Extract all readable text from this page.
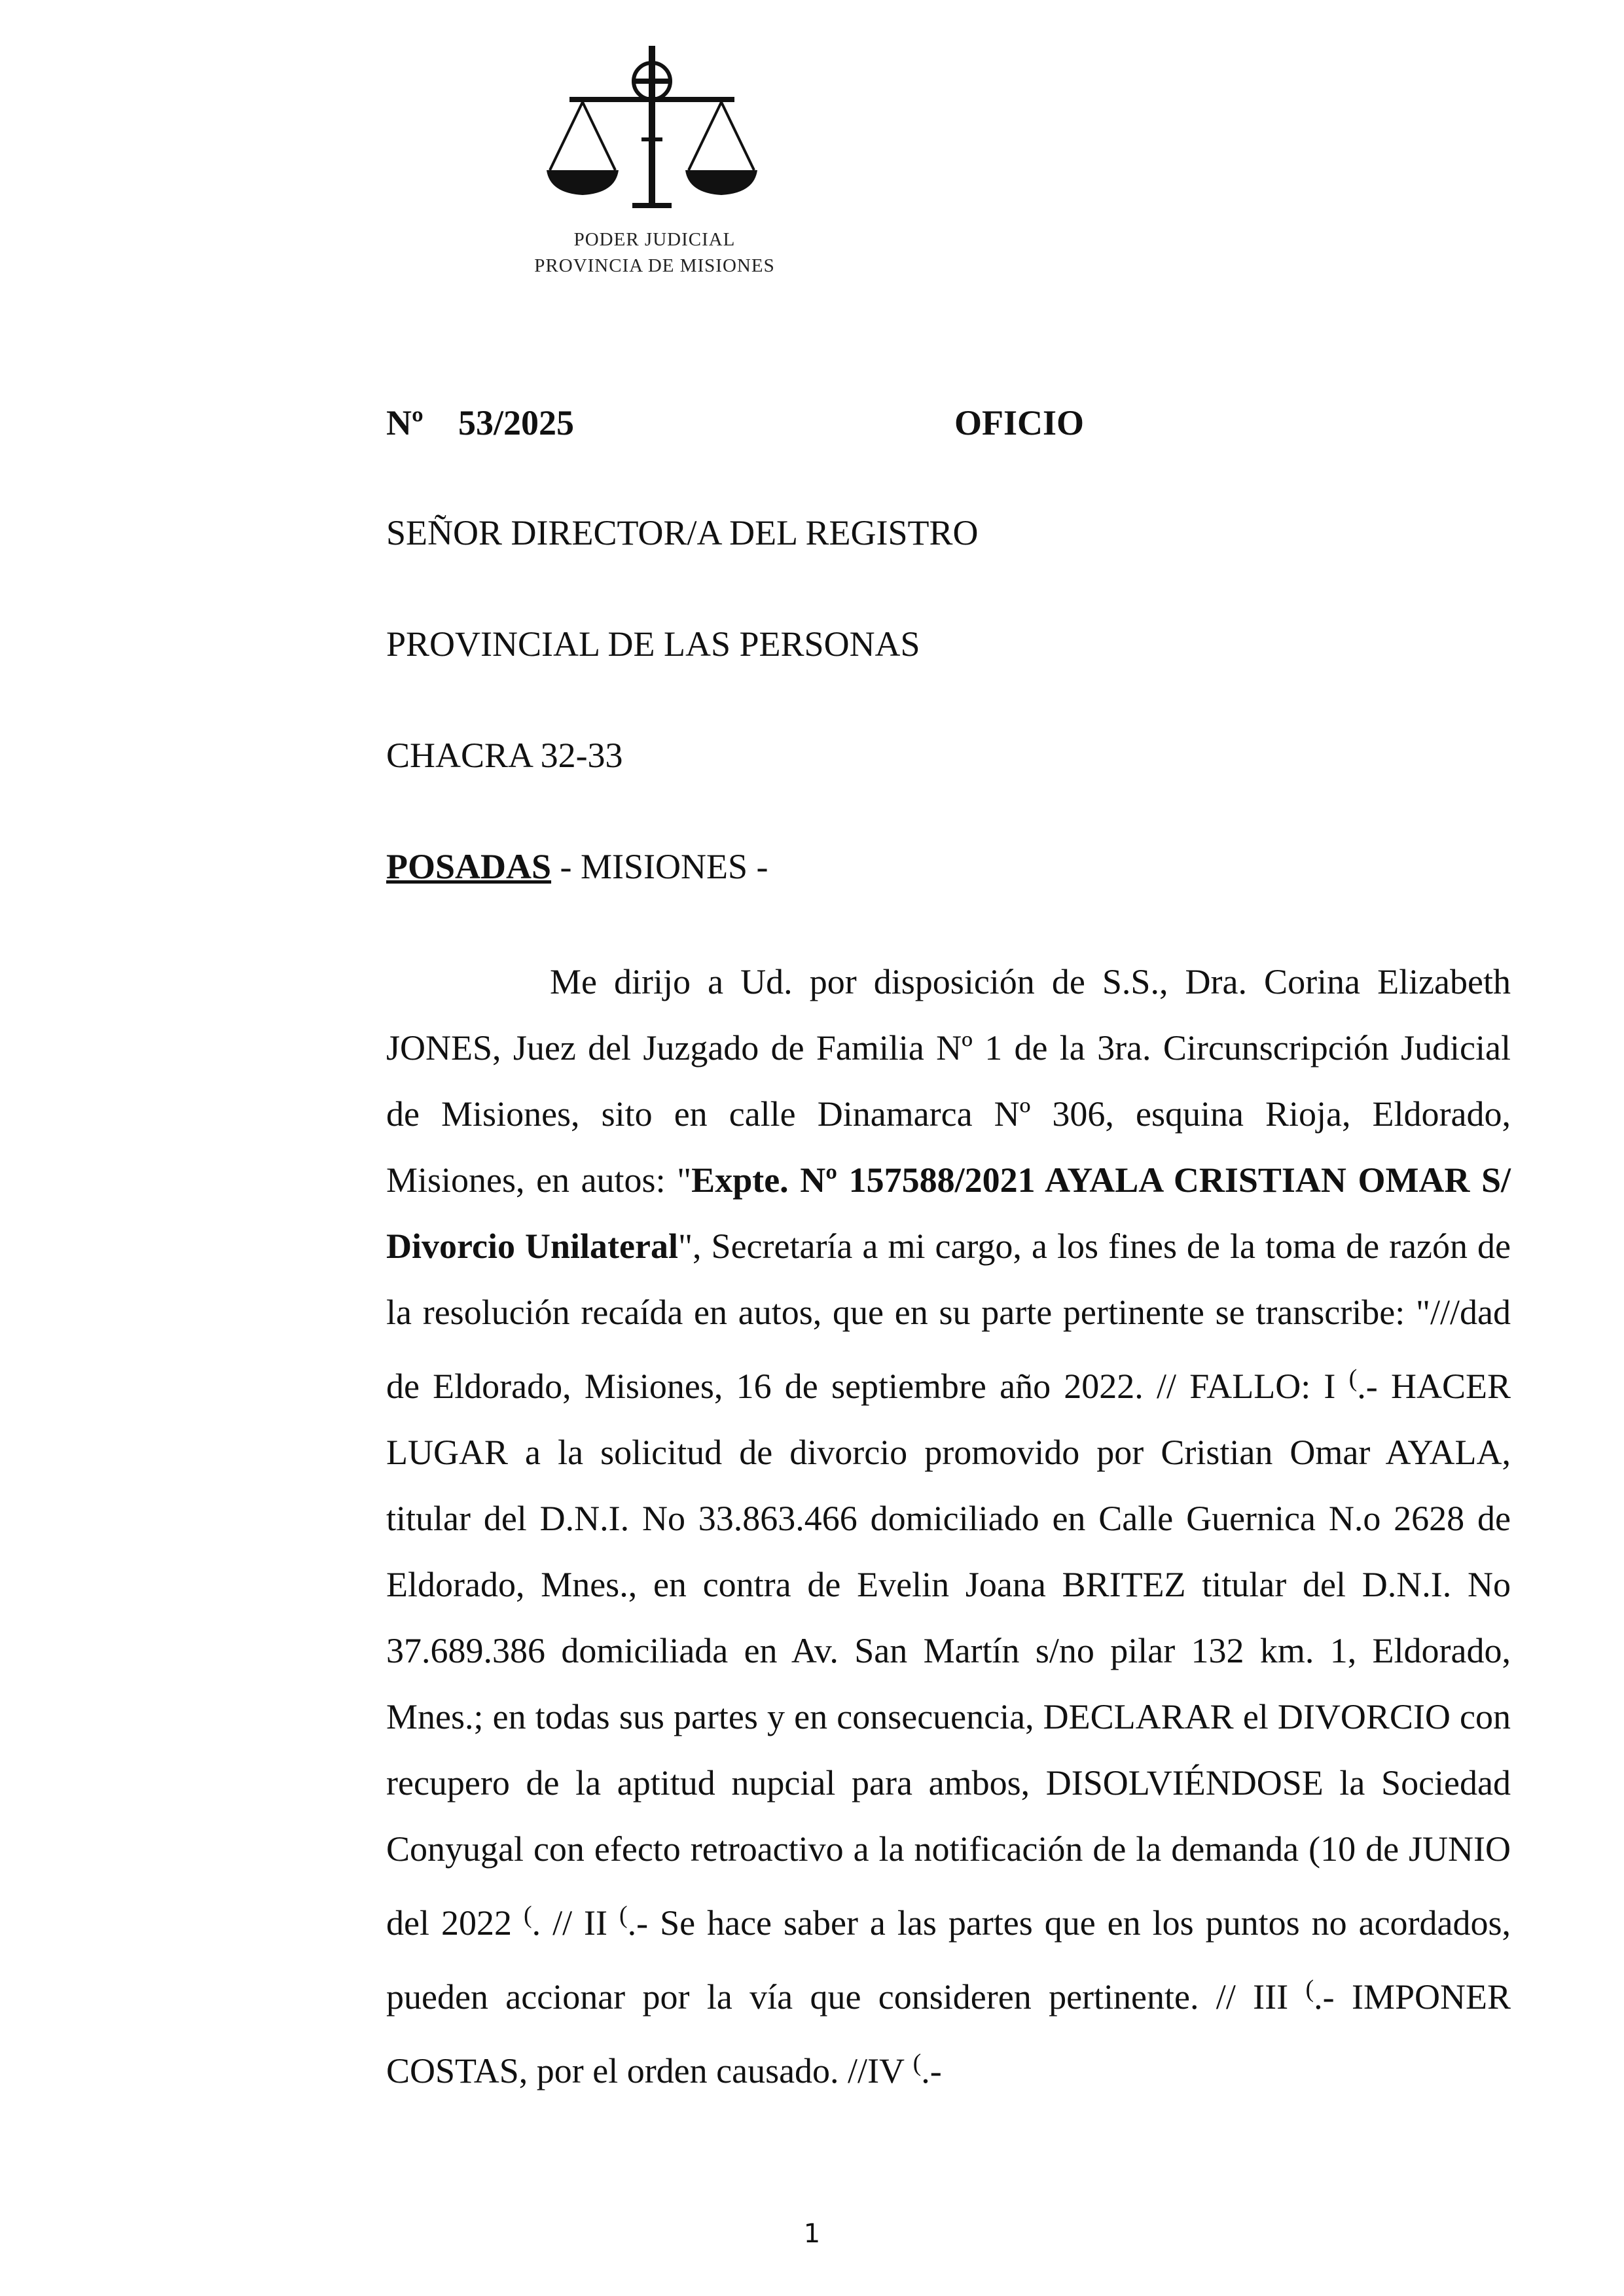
PODER JUDICIAL
PROVINCIA DE MISIONES
Nº 53/2025	OFICIO
SEÑOR DIRECTOR/A DEL REGISTRO
PROVINCIAL DE LAS PERSONAS
CHACRA 32-33
POSADAS - MISIONES -
Me dirijo a Ud. por disposición de S.S., Dra. Corina Elizabeth JONES, Juez del Juzgado de Familia Nº 1 de la 3ra. Circunscripción Judicial de Misiones, sito en calle Dinamarca Nº 306, esquina Rioja, Eldorado, Misiones, en autos: "Expte. Nº 157588/2021 AYALA CRISTIAN OMAR S/ Divorcio Unilateral", Secretaría a mi cargo, a los fines de la toma de razón de la resolución recaída en autos, que en su parte pertinente se transcribe: "///dad de Eldorado, Misiones, 16 de septiembre año 2022. // FALLO: I (.- HACER LUGAR a la solicitud de divorcio promovido por Cristian Omar AYALA, titular del D.N.I. No 33.863.466 domiciliado en Calle Guernica N.o 2628 de Eldorado, Mnes., en contra de Evelin Joana BRITEZ titular del D.N.I. No 37.689.386 domiciliada en Av. San Martín s/no pilar 132 km. 1, Eldorado, Mnes.; en todas sus partes y en consecuencia, DECLARAR el DIVORCIO con recupero de la aptitud nupcial para ambos, DISOLVIÉNDOSE la Sociedad Conyugal con efecto retroactivo a la notificación de la demanda (10 de JUNIO del 2022 (. // II (.- Se hace saber a las partes que en los puntos no acordados, pueden accionar por la vía que consideren pertinente. // III (.- IMPONER COSTAS, por el orden causado. //IV (.-
1
